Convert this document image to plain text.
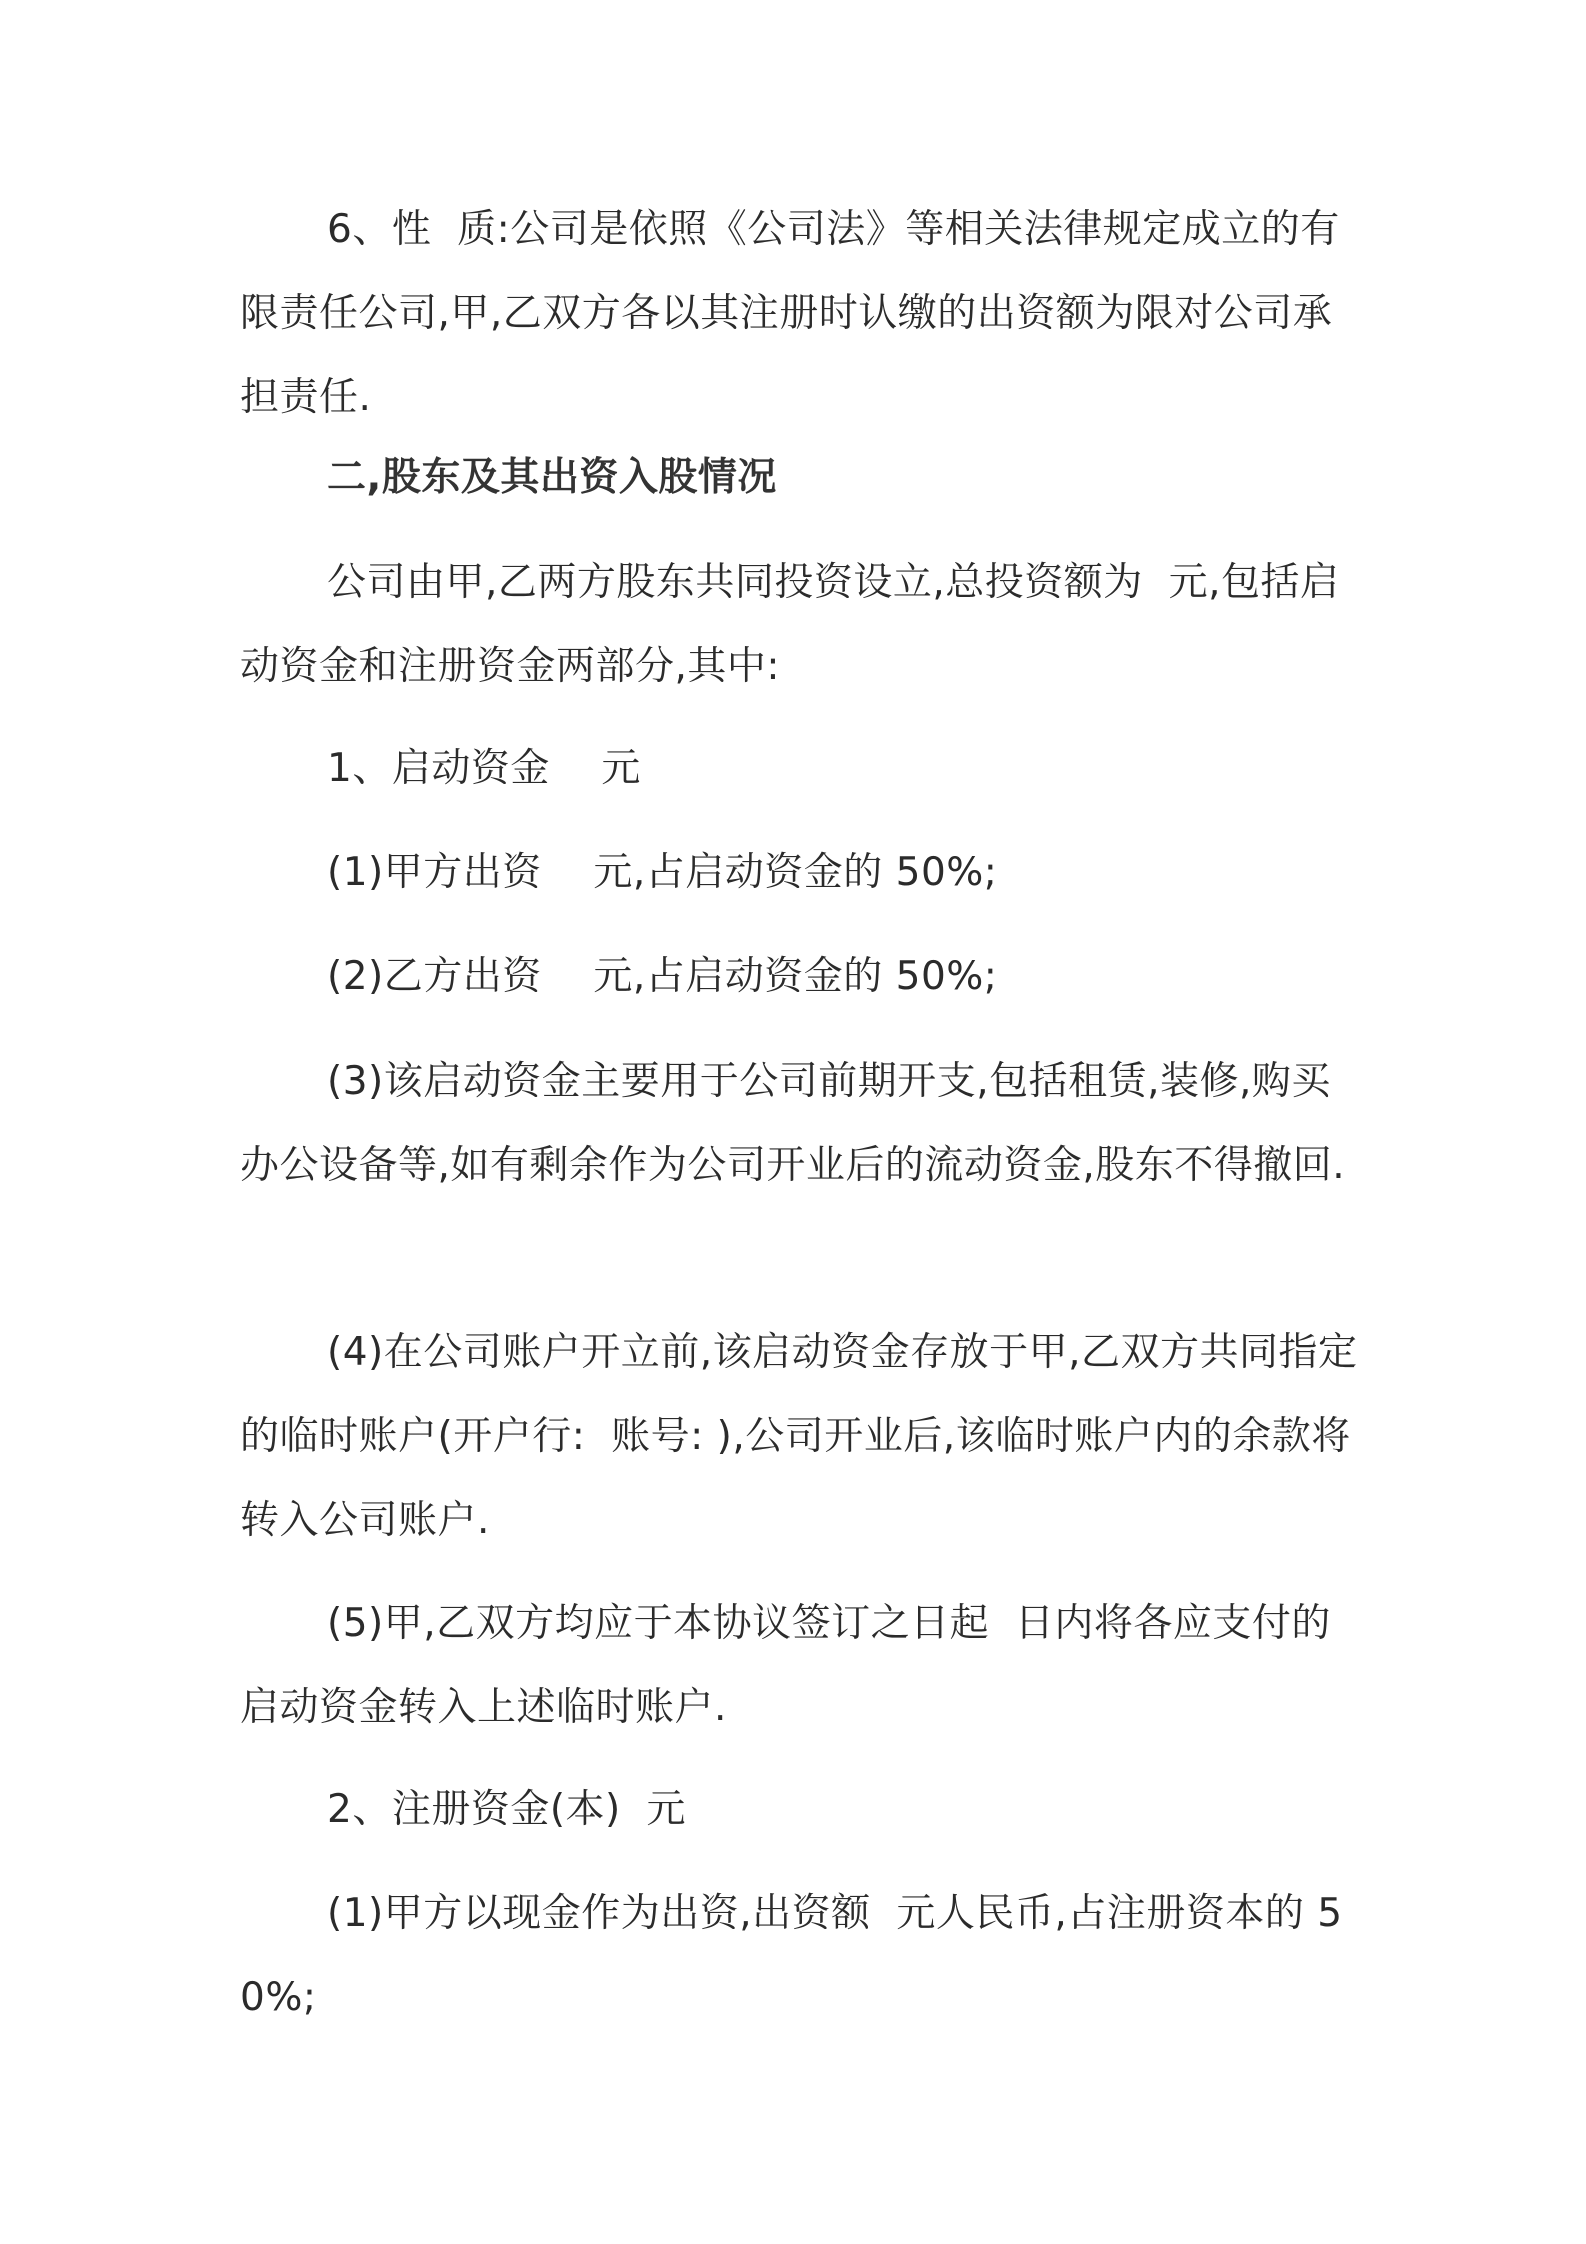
6、性  质:公司是依照《公司法》等相关法律规定成立的有限责任公司,甲,乙双方各以其注册时认缴的出资额为限对公司承担责任.

二,股东及其出资入股情况

公司由甲,乙两方股东共同投资设立,总投资额为  元,包括启动资金和注册资金两部分,其中:

1、启动资金    元

(1)甲方出资    元,占启动资金的 50%;

(2)乙方出资    元,占启动资金的 50%;

(3)该启动资金主要用于公司前期开支,包括租赁,装修,购买办公设备等,如有剩余作为公司开业后的流动资金,股东不得撤回.

(4)在公司账户开立前,该启动资金存放于甲,乙双方共同指定的临时账户(开户行:  账号: ),公司开业后,该临时账户内的余款将转入公司账户.

(5)甲,乙双方均应于本协议签订之日起  日内将各应支付的启动资金转入上述临时账户.

2、注册资金(本)  元

(1)甲方以现金作为出资,出资额  元人民币,占注册资本的 50%;
